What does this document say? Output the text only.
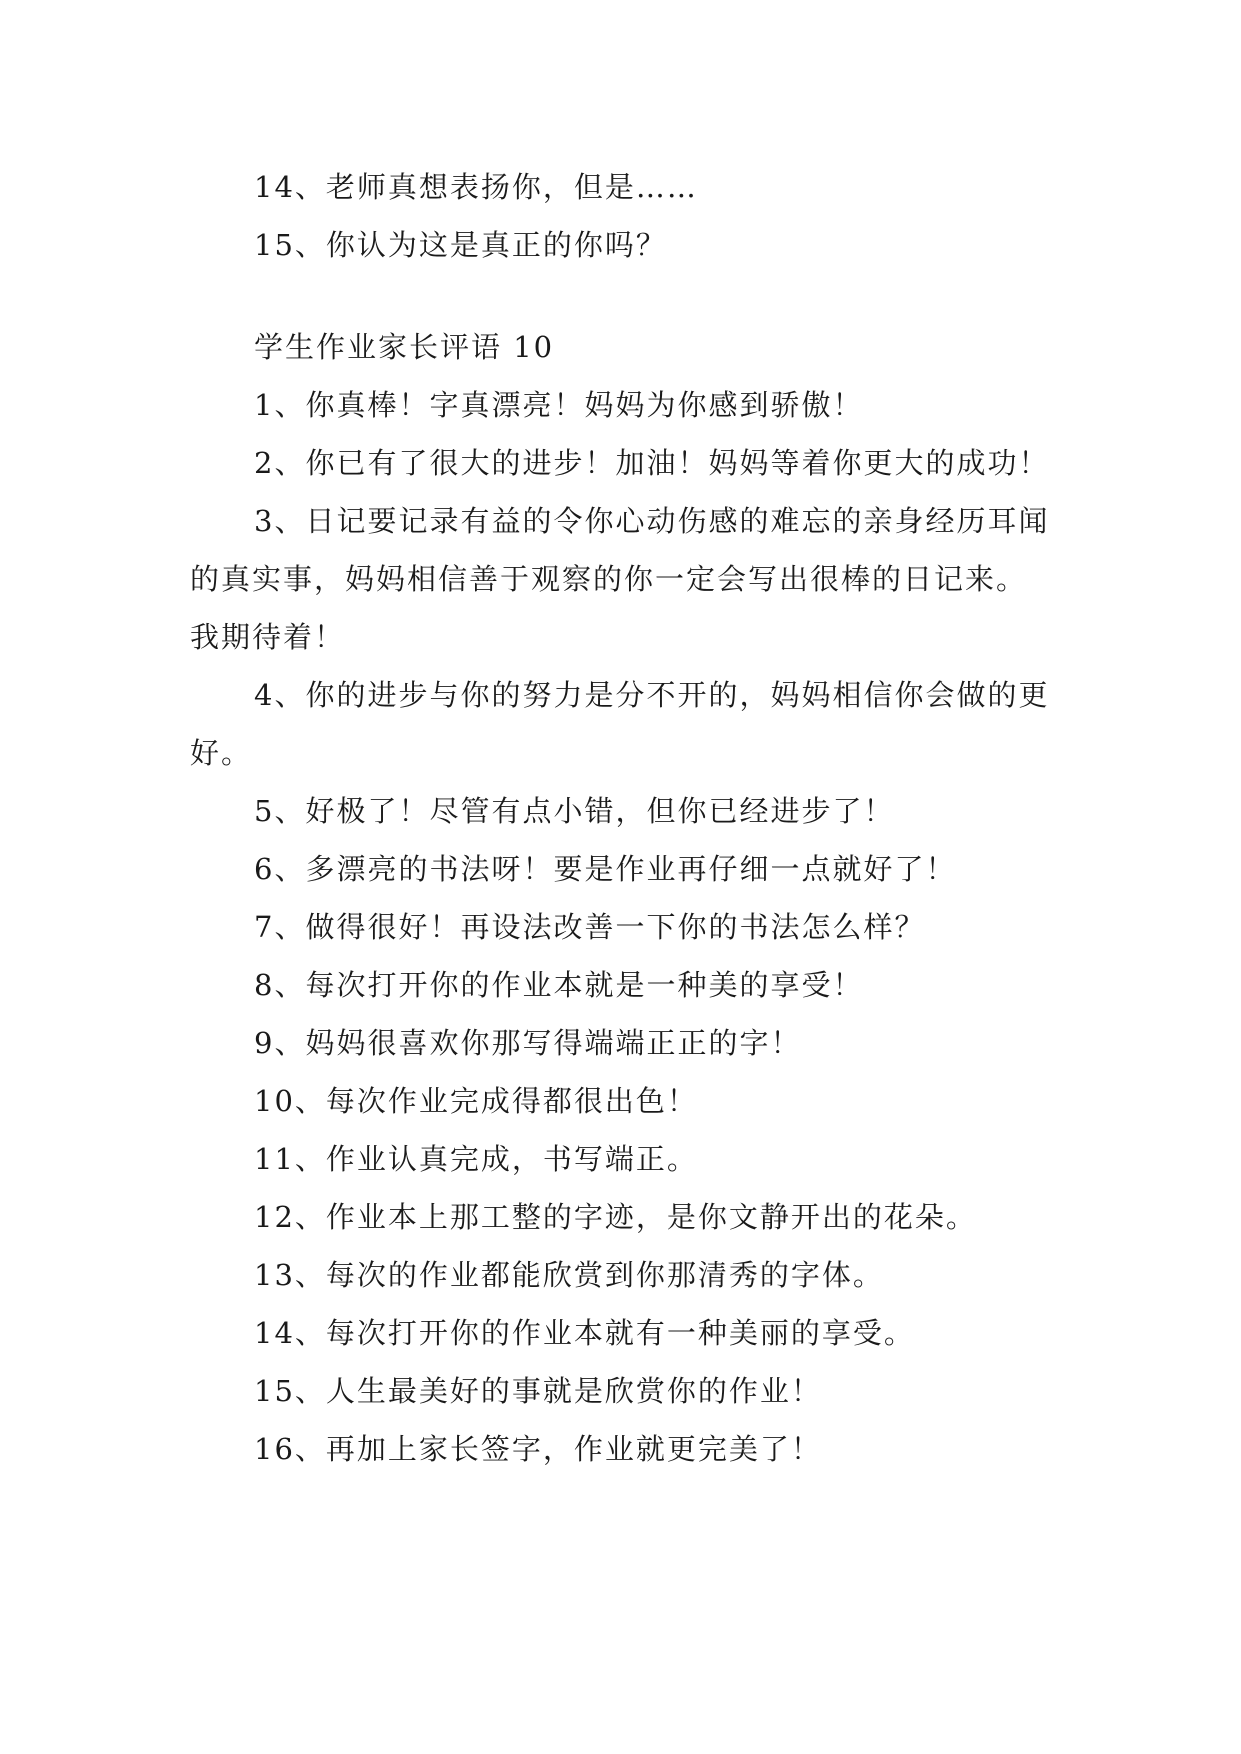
14、老师真想表扬你，但是……

15、你认为这是真正的你吗？

学生作业家长评语 10

1、你真棒！字真漂亮！妈妈为你感到骄傲！

2、你已有了很大的进步！加油！妈妈等着你更大的成功！

3、日记要记录有益的令你心动伤感的难忘的亲身经历耳闻的真实事，妈妈相信善于观察的你一定会写出很棒的日记来。我期待着！

4、你的进步与你的努力是分不开的，妈妈相信你会做的更好。

5、好极了！尽管有点小错，但你已经进步了！

6、多漂亮的书法呀！要是作业再仔细一点就好了！

7、做得很好！再设法改善一下你的书法怎么样？

8、每次打开你的作业本就是一种美的享受！

9、妈妈很喜欢你那写得端端正正的字！

10、每次作业完成得都很出色！

11、作业认真完成，书写端正。

12、作业本上那工整的字迹，是你文静开出的花朵。

13、每次的作业都能欣赏到你那清秀的字体。

14、每次打开你的作业本就有一种美丽的享受。

15、人生最美好的事就是欣赏你的作业！

16、再加上家长签字，作业就更完美了！
